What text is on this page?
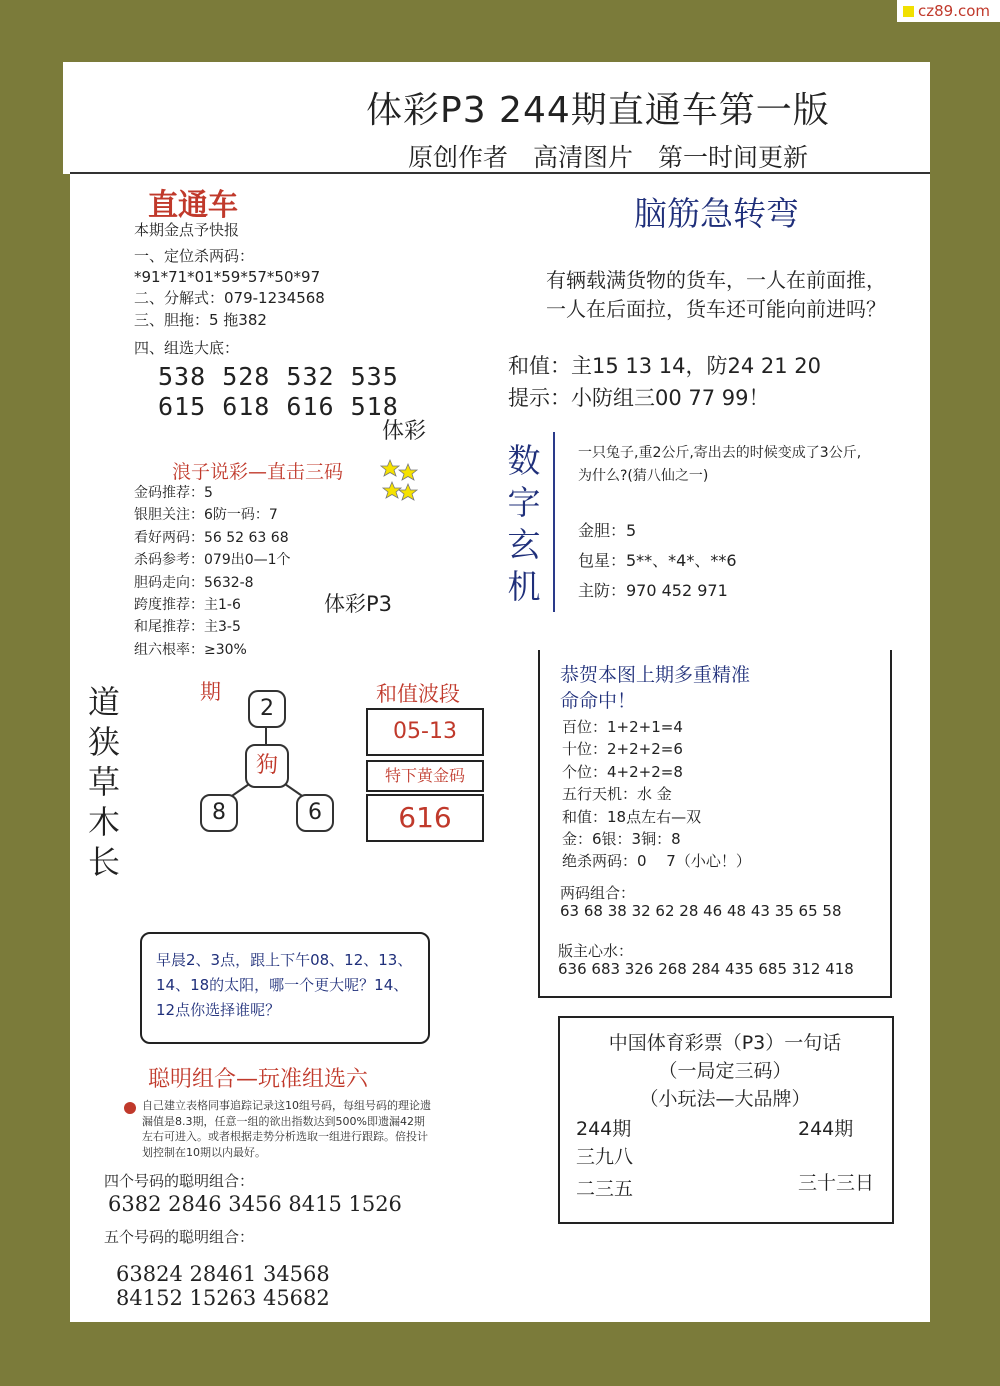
cz89.com
体彩P3 244期直通车第一版
原创作者　高清图片　第一时间更新
直通车
本期金点予快报
一、定位杀两码：
*91*71*01*59*57*50*97
二、分解式：079-1234568
三、胆拖：5 拖382
四、组选大底：
538 528 532 535
615 618 616 518
体彩
浪子说彩—直击三码
金码推荐：5
银胆关注：6防一码：7
看好两码：56 52 63 68
杀码参考：079出0—1个
胆码走向：5632-8
跨度推荐：主1-6
和尾推荐：主3-5
组六根率：≥30%
体彩P3
脑筋急转弯
有辆载满货物的货车，一人在前面推，一人在后面拉，货车还可能向前进吗？
和值：主15 13 14，防24 21 20
提示：小防组三00 77 99！
数字玄机
一只兔子,重2公斤,寄出去的时候变成了3公斤,为什么?(猜八仙之一)
金胆：5
包星：5**、*4*、**6
主防：970 452 971
道狭草木长
期
2
狗
8	6
和值波段
05-13
特下黄金码
616
恭贺本图上期多重精准
命命中！
百位：1+2+1=4
十位：2+2+2=6
个位：4+2+2=8
五行天机：水 金
和值：18点左右—双
金：6银：3铜：8
绝杀两码：0　 7（小心！）
两码组合：
63 68 38 32 62 28 46 48 43 35 65 58
版主心水：
636 683 326 268 284 435 685 312 418
早晨2、3点，跟上下午08、12、13、14、18的太阳，哪一个更大呢？14、12点你选择谁呢？
聪明组合—玩准组选六
自己建立表格同事追踪记录这10组号码，每组号码的理论遗漏值是8.3期，任意一组的欲出指数达到500%即遗漏42期左右可进入。或者根据走势分析选取一组进行跟踪。倍投计划控制在10期以内最好。
四个号码的聪明组合：
6382 2846 3456 8415 1526
五个号码的聪明组合：
63824 28461 34568
84152 15263 45682
中国体育彩票（P3）一句话
（一局定三码）
（小玩法—大品牌）
244期	244期
三九八
二三五	三十三日
